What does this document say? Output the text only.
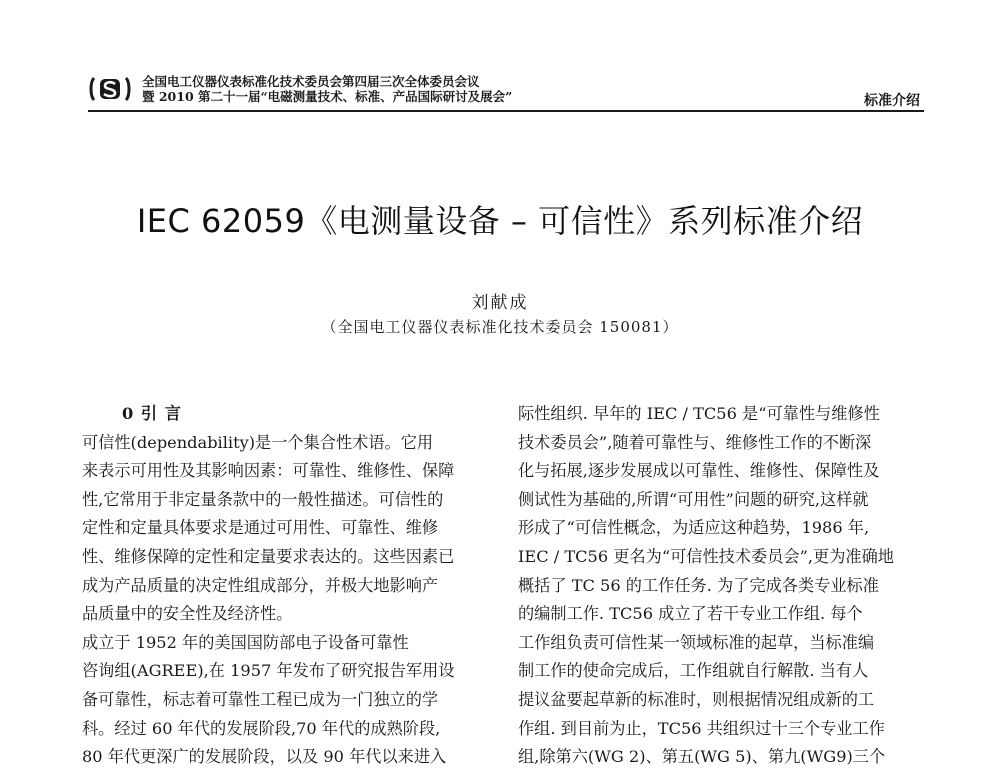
全国电工仪器仪表标准化技术委员会第四届三次全体委员会议
暨 2010 第二十一届“电磁测量技术、标准、产品国际研讨及展会”	标准介绍
IEC 62059《电测量设备 – 可信性》系列标准介绍
刘献成
（全国电工仪器仪表标准化技术委员会 150081）
0 引 言
可信性(dependability)是一个集合性术语。它用
来表示可用性及其影响因素：可靠性、维修性、保障
性,它常用于非定量条款中的一般性描述。可信性的
定性和定量具体要求是通过可用性、可靠性、维修
性、维修保障的定性和定量要求表达的。这些因素已
成为产品质量的决定性组成部分，并极大地影响产
品质量中的安全性及经济性。
成立于 1952 年的美国国防部电子设备可靠性
咨询组(AGREE),在 1957 年发布了研究报告军用设
备可靠性，标志着可靠性工程已成为一门独立的学
科。经过 60 年代的发展阶段,70 年代的成熟阶段,
80 年代更深广的发展阶段，以及 90 年代以来进入
际性组织. 早年的 IEC / TC56 是“可靠性与维修性
技术委员会”,随着可靠性与、维修性工作的不断深
化与拓展,逐步发展成以可靠性、维修性、保障性及
侧试性为基础的,所谓“可用性”问题的研究,这样就
形成了“可信性概念，为适应这种趋势，1986 年,
IEC / TC56 更名为“可信性技术委员会”,更为准确地
概括了 TC 56 的工作任务. 为了完成各类专业标准
的编制工作. TC56 成立了若干专业工作组. 每个
工作组负责可信性某一领域标准的起草，当标准编
制工作的使命完成后，工作组就自行解散. 当有人
提议盆要起草新的标准时，则根据情况组成新的工
作组. 到目前为止，TC56 共组织过十三个专业工作
组,除第六(WG 2)、第五(WG 5)、第九(WG9)三个
